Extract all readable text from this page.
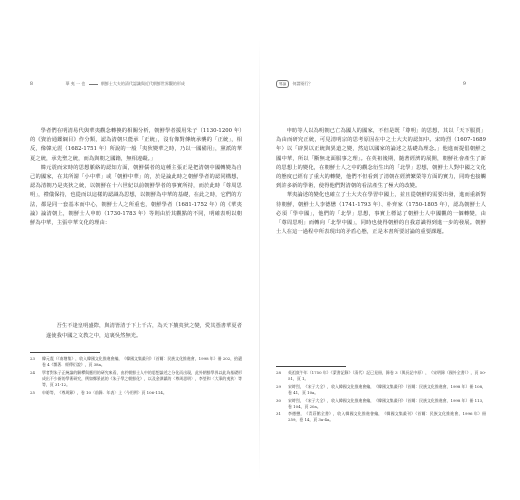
8	華 夷 一 也	朝鮮士大夫的清代認識與近代朝鮮世界觀的形成

學者們在明清易代與華夷觀念轉換的相關分析，朝鮮學者援用朱子（1130-1200 年）的《資治通鑑綱目》作分類，認為清朝只能承「正統」，沒有像對傳統承襲的「正統」，相反，像韓元震（1682-1751 年）所說的一般「夷狄變華之時，乃以一國備用」，黨派的華夏之統，承先聖之統，而為與朝之國籍，無相違礙。」

韓元震而宋時的思想脈絡的認知方面，朝鮮儒者的這種主張正是把清朝中國轉變為自己的國家，在其所謂「小中華」或「朝鮮中華」的，於是論此時之朝鮮學者的認同構想，認為清朝乃是夷狄之統，以朝鮮在十六世紀以前朝鮮學者的事實所持，而於此時「尊周思明」，禮儀保持，也從而以這樣的認識為思想，以朝鮮為中華的基礎，在此之時，它們的方法，都是同一套基本而中心，朝鮮士人之所重也，朝鮮學者（1681-1752 年）的《華夷論》論清朝上，朝鮮士人申昉（1730-1783 年）等則由於其觀點的不同，明確表明以朝鮮為中華，主張中華文化的理由：

吾生不逢皇明盛際，與清皆清于下上千古，為天下攘夷狄之變，愛其憑書華夏者遂使我中國之文教之中，這裏吳然無光。

23	韓元震（《南塘集》，收入韓國文化推進會編，《韓國文集叢刊》（首爾：民族文化推進會，1998 年）冊 202，拾遺卷 4《雜著．經傳衍說》，頁 38a。
24	學者對朱子正統論的解釋與應用的研究來看，由於朝鮮士人中的思想論述之分化而出現，此外朝鮮學界以此為基礎形成出不少新的學術研究，例如鄭景鉉的《朱子學之朝鮮化》，以及金澤鎮的〈尊周思明〉，李瑩和〈大事的夷狄〉等等，頁 31-12。
25	申昉等，《尊周錄》，卷 10〈前錄．年表〉上〈今用例〉頁 106-114。
導論 何謂兩行？	9

申昉等人以為明朝已亡為國人的國家，不但是既「尊明」的思想，其以「天下服賈」為由而研究正統，可見清明宗的思考原因在中之士大夫的認知中。宋時烈（1607-1689 年）以「辟異以正統與異道之變，然這以國家的論述之基礎為理念。」他進而提倡朝鮮之國中華，所以「斷無北面服事之理」。在英祖後期，隨著經濟的展開，朝鮮社會產生了新的思想上的變化，在朝鮮士人之中的觀念衍生出的「北學」思想，朝鮮士人對中國之文化的態度已經有了重大的轉變，他們不但看到了清朝在經濟繁榮等方面的實力，同時也接觸到許多新的學術，使得他們對清朝的看法產生了極大的改變。

華夷論述的變化也確立了士大夫在學習中國上，並且從朝鮮的需要出發，進而重新對待朝鮮，朝鮮士人李德懋（1741-1793 年）、朴齊家（1750-1805 年），認為朝鮮士人必須「學中國」，他們的「北學」思想，事實上標誌了朝鮮士人中國觀的一個轉變，由「尊周思明」而轉向「北學中國」，同時也使得朝鮮的自我意識得到進一步的發展。朝鮮士人在這一過程中所表現出的矛盾心態，正是本書所要討論的重要課題。

28	英祖庚午年（1750 年）《蒙書記錄》（清代）記已見冊，錄卷 3（與長記中原），《宋明錄（國外全書）》，頁 50-51，頁 1。
29	宋時烈，《宋子大全》，收入韓國文化推進會編，《韓國文集叢刊》（首爾：民族文化推進會，1998 年）冊 108，卷 41，頁 10a。
30	宋時烈，《宋子大全》，收入韓國文化推進會編，《韓國文集叢刊》（首爾：民族文化推進會，1998 年）冊 113，卷 104，頁 20a。
31	李德懋，《青莊館全書》，收入韓國文化推進會編，《韓國文集叢刊》（首爾：民族文化推進會，1996 年）冊 259，卷 14，頁 3a-4a。
